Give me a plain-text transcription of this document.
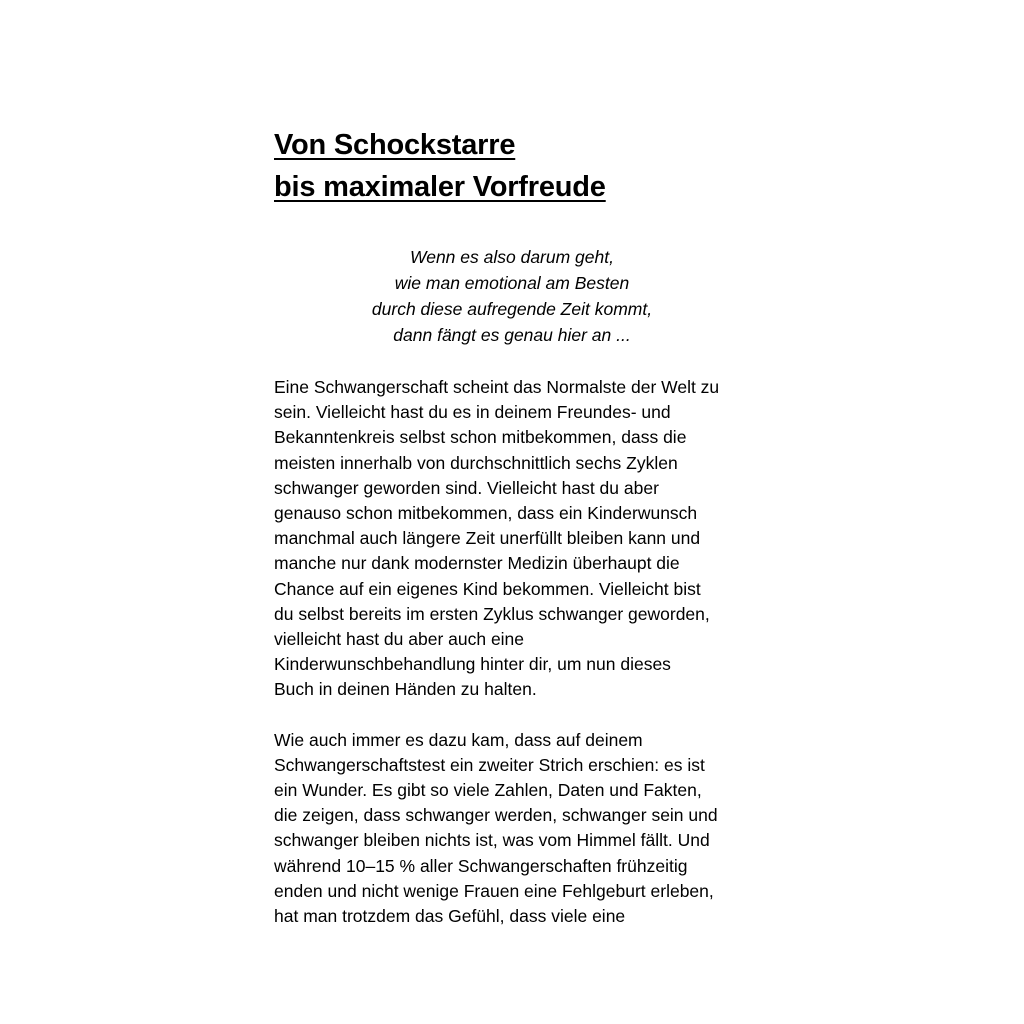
Von Schockstarre
bis maximaler Vorfreude
Wenn es also darum geht,
wie man emotional am Besten
durch diese aufregende Zeit kommt,
dann fängt es genau hier an ...
Eine Schwangerschaft scheint das Normalste der Welt zu
sein. Vielleicht hast du es in deinem Freundes- und
Bekanntenkreis selbst schon mitbekommen, dass die
meisten innerhalb von durchschnittlich sechs Zyklen
schwanger geworden sind. Vielleicht hast du aber
genauso schon mitbekommen, dass ein Kinderwunsch
manchmal auch längere Zeit unerfüllt bleiben kann und
manche nur dank modernster Medizin überhaupt die
Chance auf ein eigenes Kind bekommen. Vielleicht bist
du selbst bereits im ersten Zyklus schwanger geworden,
vielleicht hast du aber auch eine
Kinderwunschbehandlung hinter dir, um nun dieses
Buch in deinen Händen zu halten.
Wie auch immer es dazu kam, dass auf deinem
Schwangerschaftstest ein zweiter Strich erschien: es ist
ein Wunder. Es gibt so viele Zahlen, Daten und Fakten,
die zeigen, dass schwanger werden, schwanger sein und
schwanger bleiben nichts ist, was vom Himmel fällt. Und
während 10–15 % aller Schwangerschaften frühzeitig
enden und nicht wenige Frauen eine Fehlgeburt erleben,
hat man trotzdem das Gefühl, dass viele eine
